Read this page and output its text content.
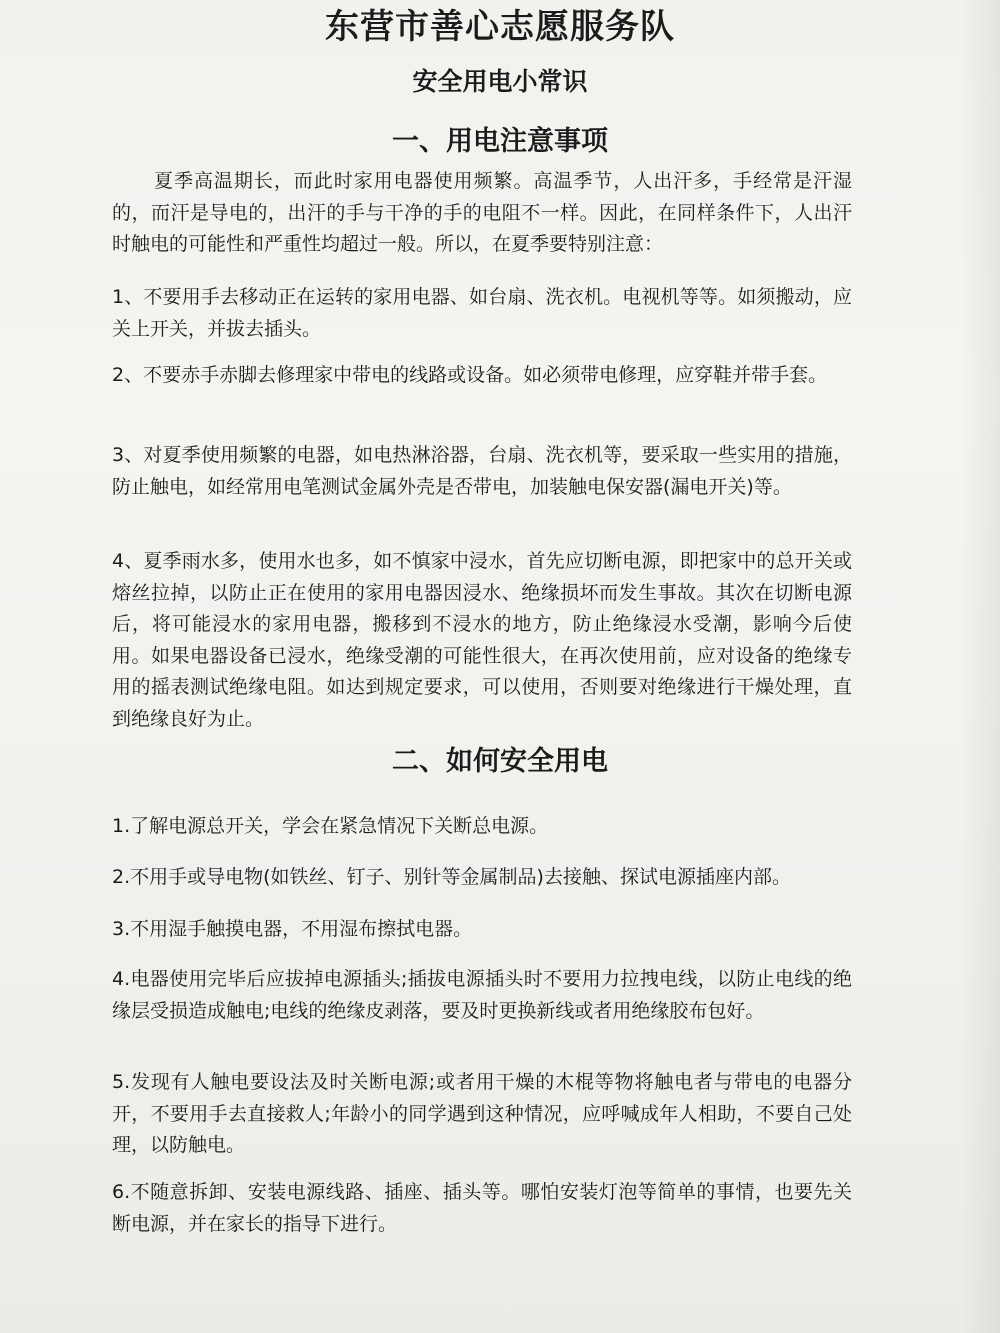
东营市善心志愿服务队
安全用电小常识
一、用电注意事项

夏季高温期长，而此时家用电器使用频繁。高温季节，人出汗多，手经常是汗湿的，而汗是导电的，出汗的手与干净的手的电阻不一样。因此，在同样条件下，人出汗时触电的可能性和严重性均超过一般。所以，在夏季要特别注意：

1、不要用手去移动正在运转的家用电器、如台扇、洗衣机。电视机等等。如须搬动，应关上开关，并拔去插头。

2、不要赤手赤脚去修理家中带电的线路或设备。如必须带电修理，应穿鞋并带手套。

3、对夏季使用频繁的电器，如电热淋浴器，台扇、洗衣机等，要采取一些实用的措施，防止触电，如经常用电笔测试金属外壳是否带电，加装触电保安器(漏电开关)等。

4、夏季雨水多，使用水也多，如不慎家中浸水，首先应切断电源，即把家中的总开关或熔丝拉掉，以防止正在使用的家用电器因浸水、绝缘损坏而发生事故。其次在切断电源后，将可能浸水的家用电器，搬移到不浸水的地方，防止绝缘浸水受潮，影响今后使用。如果电器设备已浸水，绝缘受潮的可能性很大，在再次使用前，应对设备的绝缘专用的摇表测试绝缘电阻。如达到规定要求，可以使用，否则要对绝缘进行干燥处理，直到绝缘良好为止。

二、如何安全用电

1.了解电源总开关，学会在紧急情况下关断总电源。

2.不用手或导电物(如铁丝、钉子、别针等金属制品)去接触、探试电源插座内部。

3.不用湿手触摸电器，不用湿布擦拭电器。

4.电器使用完毕后应拔掉电源插头;插拔电源插头时不要用力拉拽电线，以防止电线的绝缘层受损造成触电;电线的绝缘皮剥落，要及时更换新线或者用绝缘胶布包好。

5.发现有人触电要设法及时关断电源;或者用干燥的木棍等物将触电者与带电的电器分开，不要用手去直接救人;年龄小的同学遇到这种情况，应呼喊成年人相助，不要自己处理，以防触电。

6.不随意拆卸、安装电源线路、插座、插头等。哪怕安装灯泡等简单的事情，也要先关断电源，并在家长的指导下进行。
